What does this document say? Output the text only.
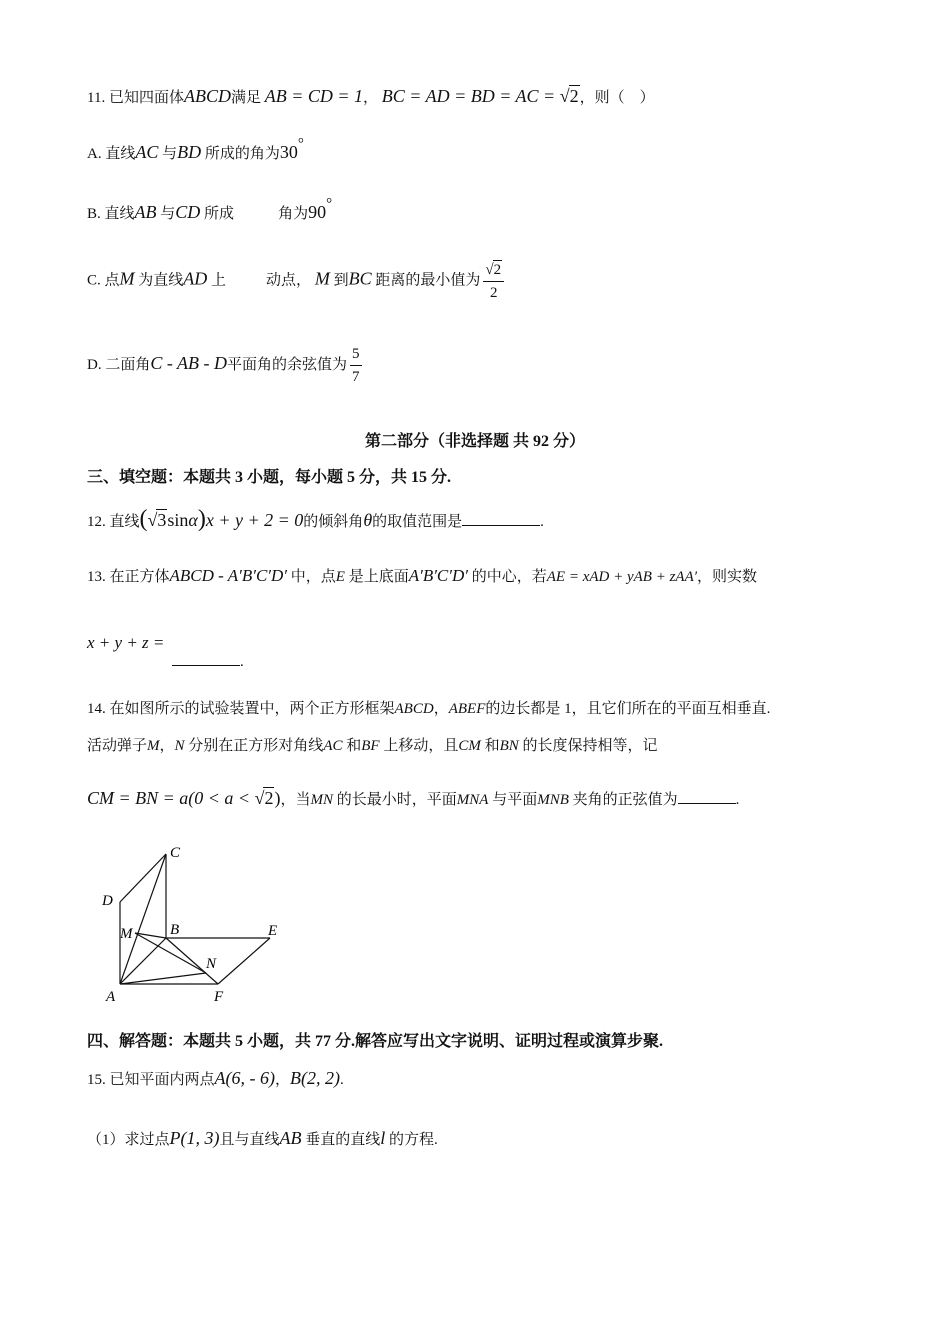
11. 已知四面体ABCD满足 AB = CD = 1， BC = AD = BD = AC = √2，则（　）
A. 直线AC 与BD 所成的角为30°
B. 直线AB 与CD 所成	角为90°
C. 点M 为直线AD 上	动点， M 到BC 距离的最小值为 $\frac{√2}{2}$
D. 二面角C - AB - D平面角的余弦值为 $\frac{5}{7}$
第二部分（非选择题 共 92 分）
三、填空题：本题共 3 小题，每小题 5 分，共 15 分.
12. 直线(√3sinα)x + y + 2 = 0的倾斜角θ的取值范围是	.
13. 在正方体ABCD - A′B′C′D′ 中，点E 是上底面A′B′C′D′ 的中心，若AE = xAD + yAB + zAA′，则实数
x + y + z =
.
14. 在如图所示的试验装置中，两个正方形框架ABCD，ABEF的边长都是 1，且它们所在的平面互相垂直.
活动弹子M，N 分别在正方形对角线AC 和BF 上移动，且CM 和BN 的长度保持相等，记
CM = BN = a(0 < a < √2)，当MN 的长最小时，平面MNA 与平面MNB 夹角的正弦值为	.
C
D
M	B	E
N
A	F
四、解答题：本题共 5 小题，共 77 分.解答应写出文字说明、证明过程或演算步聚.
15. 已知平面内两点A(6, - 6)，B(2, 2).
（1）求过点P(1, 3)且与直线AB 垂直的直线l 的方程.
